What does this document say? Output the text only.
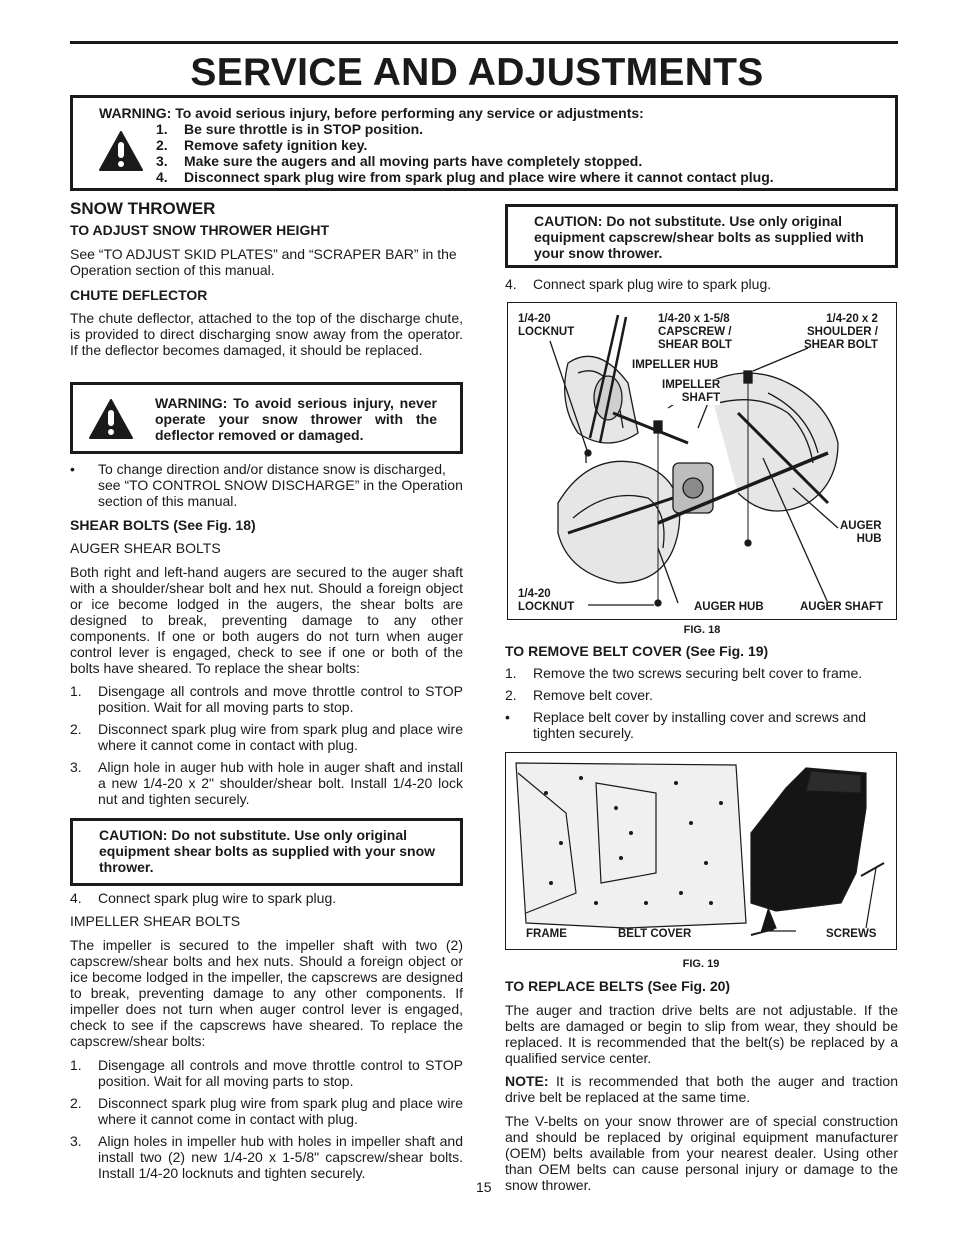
SERVICE AND ADJUSTMENTS
WARNING: To avoid serious injury, before performing any service or adjustments:
1. Be sure throttle is in STOP position.
2. Remove safety ignition key.
3. Make sure the augers and all moving parts have completely stopped.
4. Disconnect spark plug wire from spark plug and place wire where it cannot contact plug.
SNOW THROWER
TO ADJUST SNOW THROWER HEIGHT
See “TO ADJUST SKID PLATES” and “SCRAPER BAR” in the Operation section of this manual.
CHUTE DEFLECTOR
The chute deflector, attached to the top of the discharge chute, is provided to direct discharging snow away from the operator. If the deflector becomes damaged, it should be replaced.
WARNING: To avoid serious injury, never operate your snow thrower with the deflector removed or damaged.
• To change direction and/or distance snow is discharged, see “TO CONTROL SNOW DISCHARGE” in the Operation section of this manual.
SHEAR BOLTS (See Fig. 18)
AUGER SHEAR BOLTS
Both right and left-hand augers are secured to the auger shaft with a shoulder/shear bolt and hex nut. Should a foreign object or ice become lodged in the augers, the shear bolts are designed to break, preventing damage to any other components. If one or both augers do not turn when auger control lever is engaged, check to see if one or both of the bolts have sheared. To replace the shear bolts:
1. Disengage all controls and move throttle control to STOP position. Wait for all moving parts to stop.
2. Disconnect spark plug wire from spark plug and place wire where it cannot come in contact with plug.
3. Align hole in auger hub with hole in auger shaft and install a new 1/4-20 x 2" shoulder/shear bolt. Install 1/4-20 lock nut and tighten securely.
CAUTION: Do not substitute. Use only original equipment shear bolts as supplied with your snow thrower.
4. Connect spark plug wire to spark plug.
IMPELLER SHEAR BOLTS
The impeller is secured to the impeller shaft with two (2) capscrew/shear bolts and hex nuts. Should a foreign object or ice become lodged in the impeller, the capscrews are designed to break, preventing damage to any other components. If impeller does not turn when auger control lever is engaged, check to see if the capscrews have sheared. To replace the capscrew/shear bolts:
1. Disengage all controls and move throttle control to STOP position. Wait for all moving parts to stop.
2. Disconnect spark plug wire from spark plug and place wire where it cannot come in contact with plug.
3. Align holes in impeller hub with holes in impeller shaft and install two (2) new 1/4-20 x 1-5/8" capscrew/shear bolts. Install 1/4-20 locknuts and tighten securely.
15
CAUTION: Do not substitute. Use only original equipment capscrew/shear bolts as supplied with your snow thrower.
4. Connect spark plug wire to spark plug.
1/4-20
LOCKNUT
1/4-20 x 1-5/8
CAPSCREW /
SHEAR BOLT
1/4-20 x 2
SHOULDER /
SHEAR BOLT
IMPELLER HUB
IMPELLER
SHAFT
AUGER
HUB
1/4-20
LOCKNUT	AUGER HUB	AUGER SHAFT
FIG. 18
TO REMOVE BELT COVER (See Fig. 19)
1. Remove the two screws securing belt cover to frame.
2. Remove belt cover.
• Replace belt cover by installing cover and screws and tighten securely.
FRAME	BELT COVER	SCREWS
FIG. 19
TO REPLACE BELTS (See Fig. 20)
The auger and traction drive belts are not adjustable. If the belts are damaged or begin to slip from wear, they should be replaced. It is recommended that the belt(s) be replaced by a qualified service center.
NOTE: It is recommended that both the auger and traction drive belt be replaced at the same time.
The V-belts on your snow thrower are of special construction and should be replaced by original equipment manufacturer (OEM) belts available from your nearest dealer. Using other than OEM belts can cause personal injury or damage to the snow thrower.
